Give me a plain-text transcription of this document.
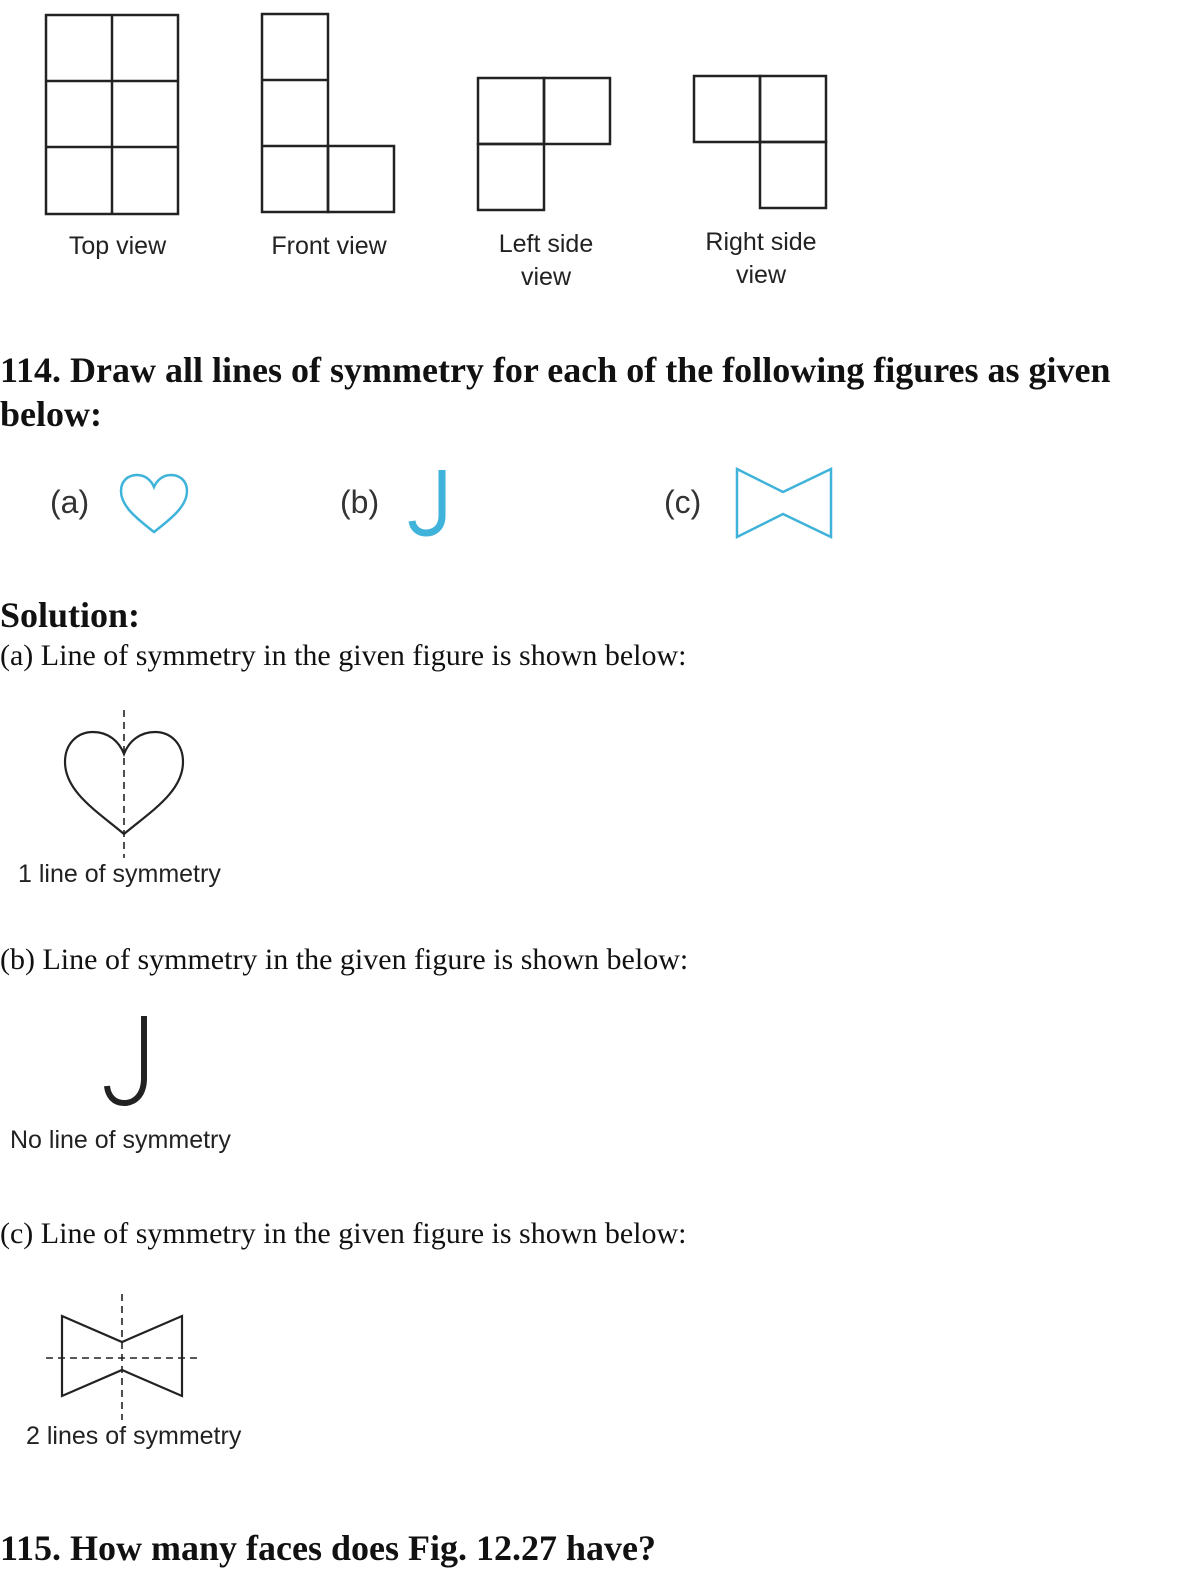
Top view	Front view	Left side
view
Right side
view
114. Draw all lines of symmetry for each of the following figures as given below:
(a)	(b)	(c)
Solution:
(a) Line of symmetry in the given figure is shown below:
1 line of symmetry
(b) Line of symmetry in the given figure is shown below:
No line of symmetry
(c) Line of symmetry in the given figure is shown below:
2 lines of symmetry
115. How many faces does Fig. 12.27 have?
